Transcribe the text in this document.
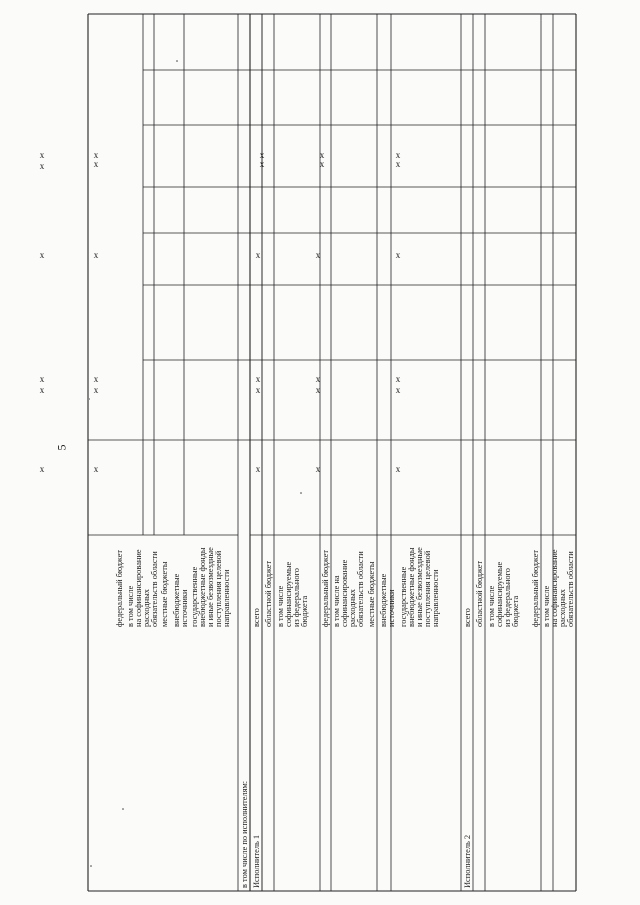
5
федеральный бюджет в том числе на софинансирование расходных обязательств области местные бюджеты внебюджетные источники государственные внебюджетные фонды и иные безвозмездные поступления целевой направленности
в том числе по исполнителям: Исполнитель 1
всего областной бюджет в том числе софинансируемые из федерального бюджета федеральный бюджет в том числе на софинансирование расходных обязательств области местные бюджеты внебюджетные источники государственные внебюджетные фонды и иные безвозмездные поступления целевой направленности
Исполнитель 2
всего областной бюджет в том числе софинансируемые из федерального бюджета федеральный бюджет в том числе на софинансирование расходных обязательств области
x
x
x
x
x
x
x
x
x
x
x
x
x
x
x
x
x
x
x
x
x
x
x
x
x
x
x
x
x
x
